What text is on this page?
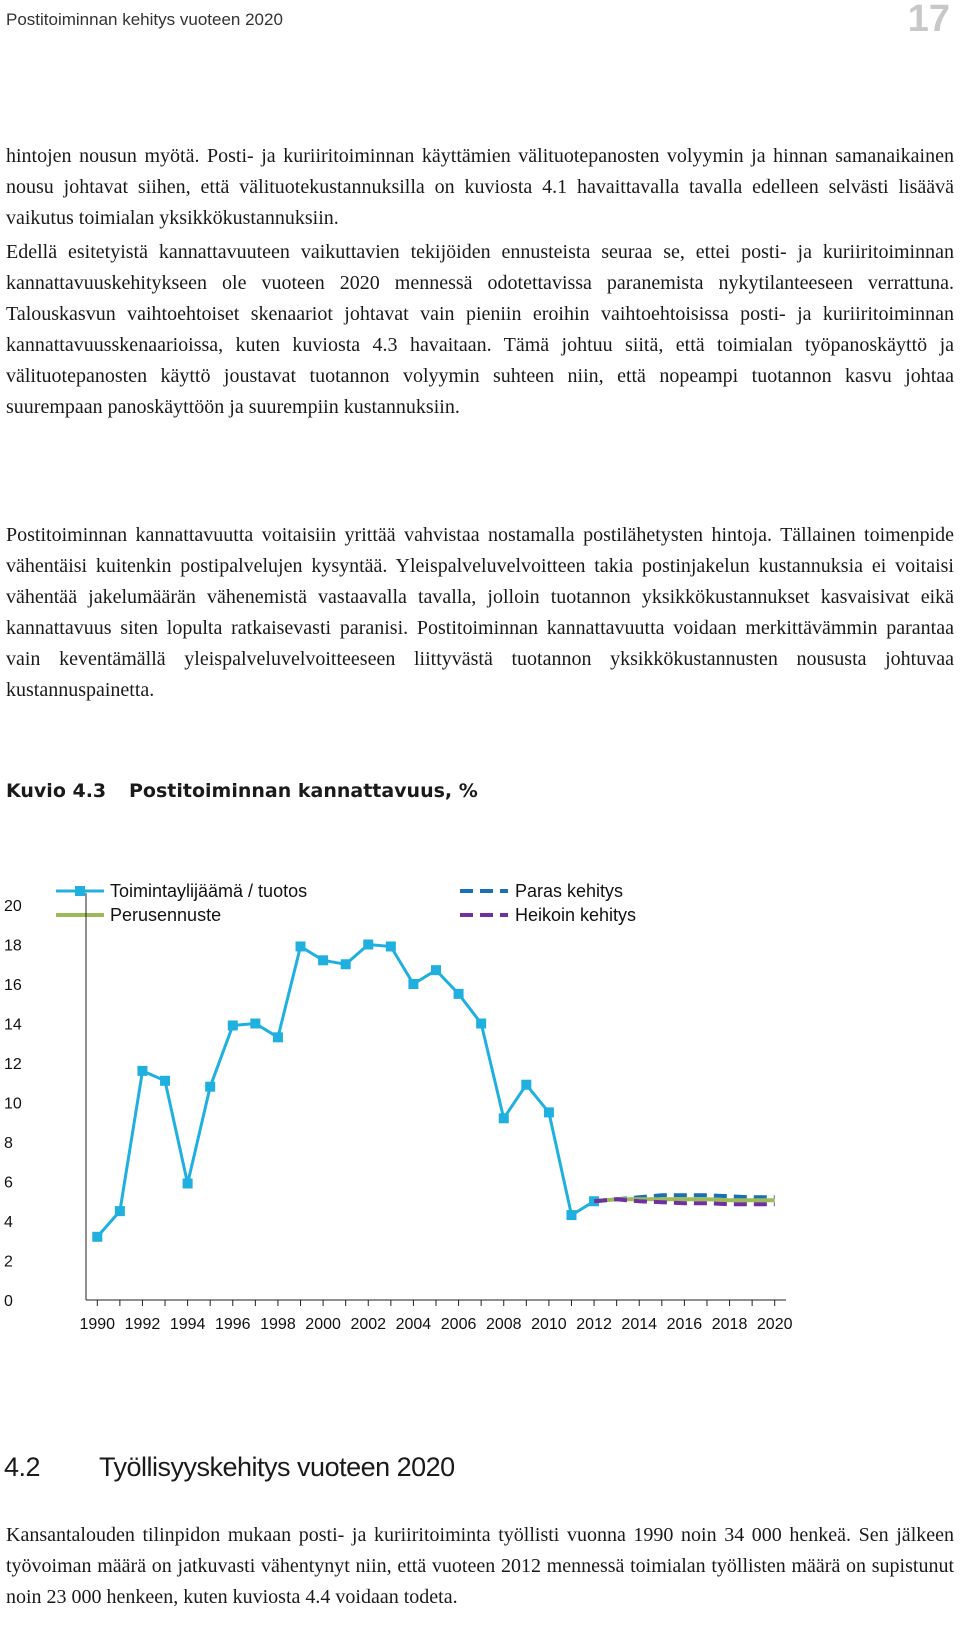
Postitoiminnan kehitys vuoteen 2020	17

hintojen nousun myötä. Posti- ja kuriiritoiminnan käyttämien välituotepanosten volyymin ja hinnan samanaikainen nousu johtavat siihen, että välituotekustannuksilla on kuviosta 4.1 havaittavalla tavalla edelleen selvästi lisäävä vaikutus toimialan yksikkökustannuksiin.

Edellä esitetyistä kannattavuuteen vaikuttavien tekijöiden ennusteista seuraa se, ettei posti- ja kuriiritoiminnan kannattavuuskehitykseen ole vuoteen 2020 mennessä odotettavissa paranemista nykytilanteeseen verrattuna. Talouskasvun vaihtoehtoiset skenaariot johtavat vain pieniin eroihin vaihtoehtoisissa posti- ja kuriiritoiminnan kannattavuusskenaarioissa, kuten kuviosta 4.3 havaitaan. Tämä johtuu siitä, että toimialan työpanoskäyttö ja välituotepanosten käyttö joustavat tuotannon volyymin suhteen niin, että nopeampi tuotannon kasvu johtaa suurempaan panoskäyttöön ja suurempiin kustannuksiin.

Postitoiminnan kannattavuutta voitaisiin yrittää vahvistaa nostamalla postilähetysten hintoja. Tällainen toimenpide vähentäisi kuitenkin postipalvelujen kysyntää. Yleispalveluvelvoitteen takia postinjakelun kustannuksia ei voitaisi vähentää jakelumäärän vähenemistä vastaavalla tavalla, jolloin tuotannon yksikkökustannukset kasvaisivat eikä kannattavuus siten lopulta ratkaisevasti paranisi. Postitoiminnan kannattavuutta voidaan merkittävämmin parantaa vain keventämällä yleispalveluvelvoitteeseen liittyvästä tuotannon yksikkökustannusten noususta johtuvaa kustannuspainetta.

Kuvio 4.3 Postitoiminnan kannattavuus, %
Toimintaylijäämä / tuotos
Perusennuste
Paras kehitys
Heikoin kehitys
0
2
4
6
8
10
12
14
16
18
20
1990 1992 1994 1996 1998 2000 2002 2004 2006 2008 2010 2012 2014 2016 2018 2020
4.2 Työllisyyskehitys vuoteen 2020

Kansantalouden tilinpidon mukaan posti- ja kuriiritoiminta työllisti vuonna 1990 noin 34 000 henkeä. Sen jälkeen työvoiman määrä on jatkuvasti vähentynyt niin, että vuoteen 2012 mennessä toimialan työllisten määrä on supistunut noin 23 000 henkeen, kuten kuviosta 4.4 voidaan todeta.
